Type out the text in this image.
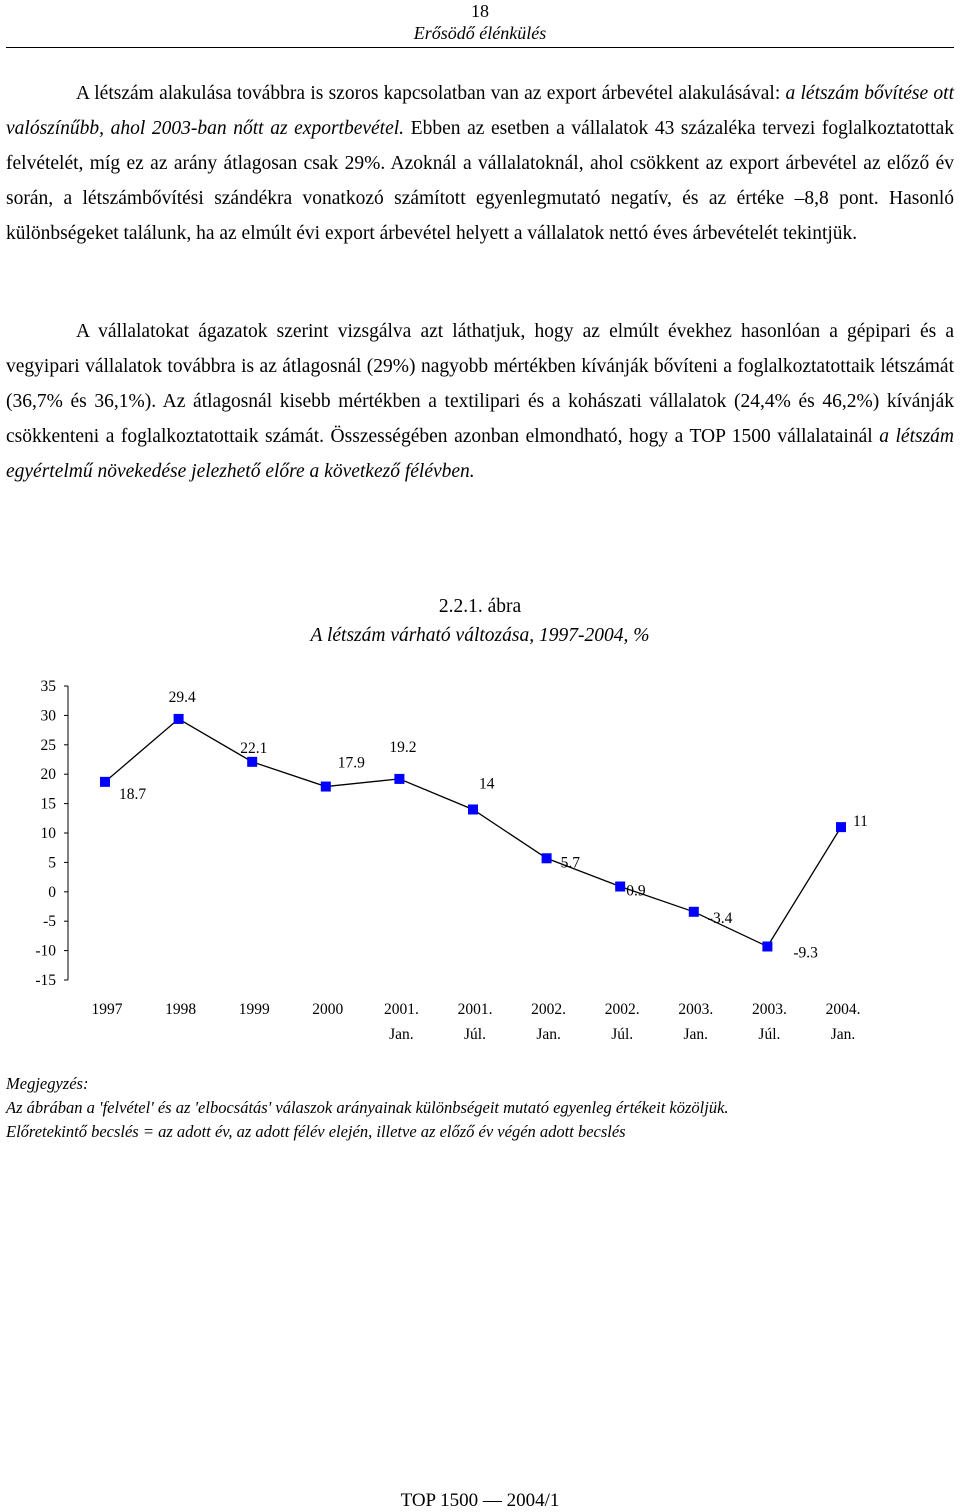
18
Erősödő élénkülés

A létszám alakulása továbbra is szoros kapcsolatban van az export árbevétel alakulásával: a létszám bővítése ott valószínűbb, ahol 2003-ban nőtt az exportbevétel. Ebben az esetben a vállalatok 43 százaléka tervezi foglalkoztatottak felvételét, míg ez az arány átlagosan csak 29%. Azoknál a vállalatoknál, ahol csökkent az export árbevétel az előző év során, a létszámbővítési szándékra vonatkozó számított egyenlegmutató negatív, és az értéke –8,8 pont. Hasonló különbségeket találunk, ha az elmúlt évi export árbevétel helyett a vállalatok nettó éves árbevételét tekintjük.

A vállalatokat ágazatok szerint vizsgálva azt láthatjuk, hogy az elmúlt évekhez hasonlóan a gépipari és a vegyipari vállalatok továbbra is az átlagosnál (29%) nagyobb mértékben kívánják bővíteni a foglalkoztatottaik létszámát (36,7% és 36,1%). Az átlagosnál kisebb mértékben a textilipari és a kohászati vállalatok (24,4% és 46,2%) kívánják csökkenteni a foglalkoztatottaik számát. Összességében azonban elmondható, hogy a TOP 1500 vállalatainál a létszám egyértelmű növekedése jelezhető előre a következő félévben.

2.2.1. ábra
A létszám várható változása, 1997-2004, %
35
30
25
20
15
10
5
0
-5
-10
-15
18.7
29.4
22.1
17.9
19.2
14
5.7
0.9
-3.4
-9.3
11
1997	1998	1999	2000	2001.
Jan.
2001.
Júl.
2002.
Jan.
2002.
Júl.
2003.
Jan.
2003.
Júl.
2004.
Jan.
Megjegyzés:
Az ábrában a 'felvétel' és az 'elbocsátás' válaszok arányainak különbségeit mutató egyenleg értékeit közöljük.
Előretekintő becslés = az adott év, az adott félév elején, illetve az előző év végén adott becslés
TOP 1500 — 2004/1
